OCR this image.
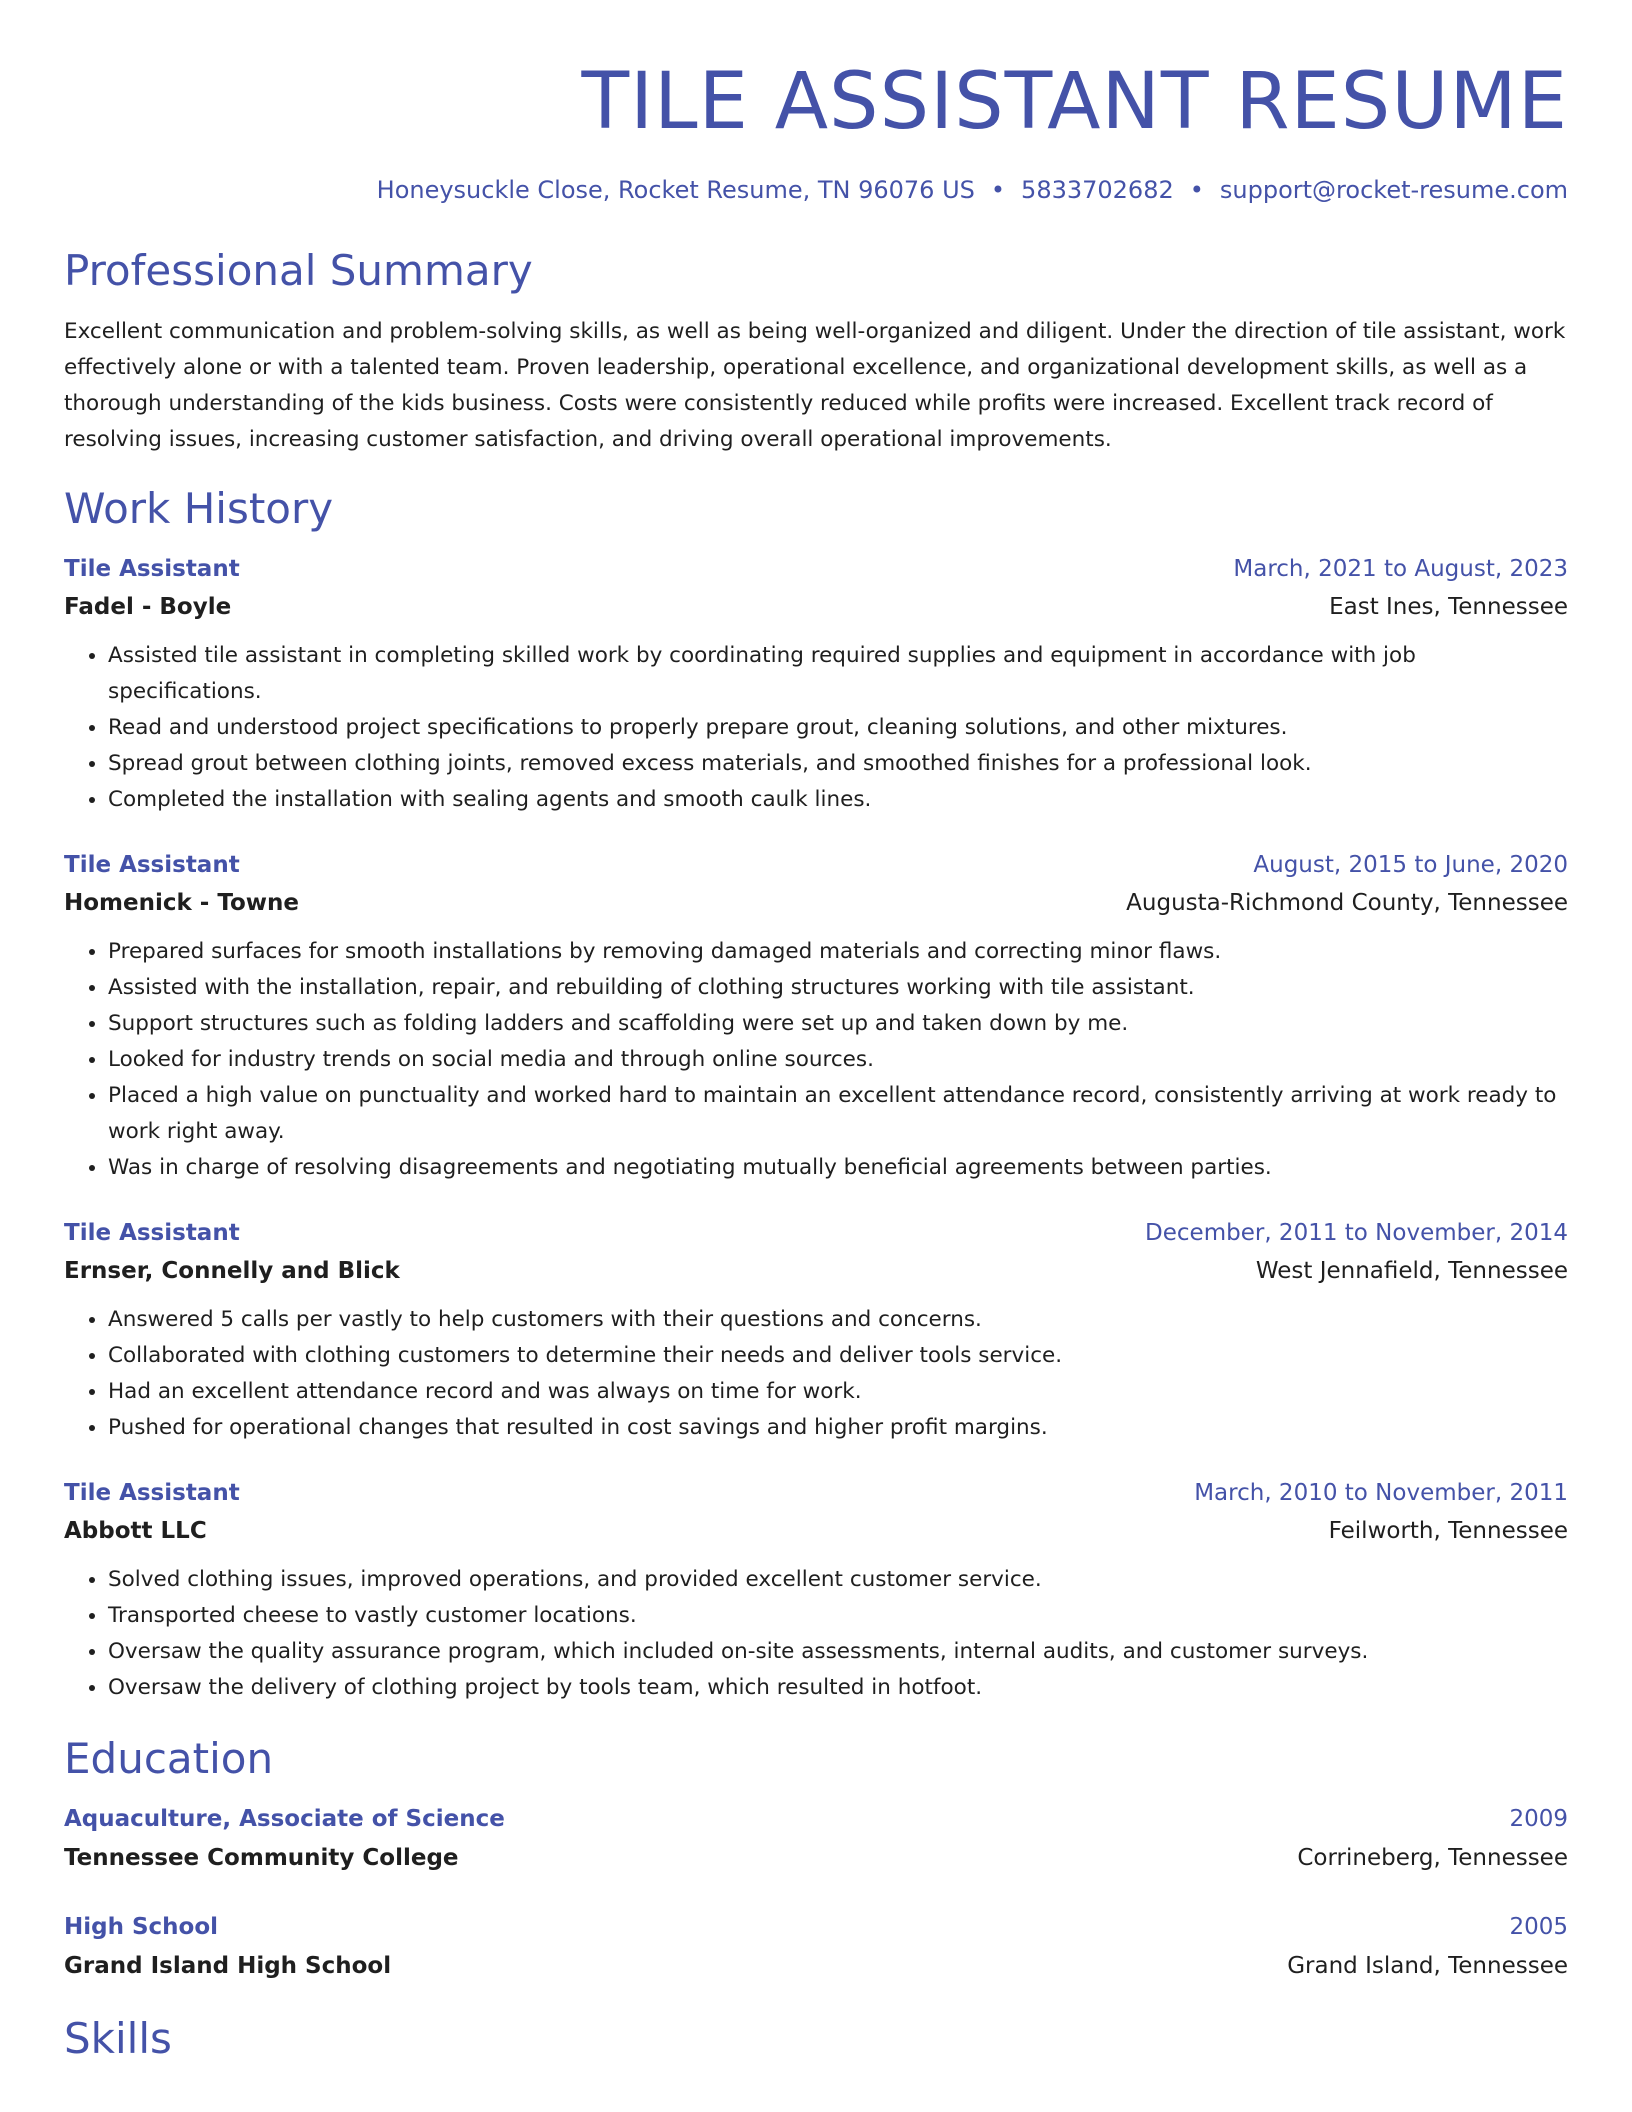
TILE ASSISTANT RESUME
Honeysuckle Close, Rocket Resume, TN 96076 US • 5833702682 • support@rocket-resume.com
Professional Summary
Excellent communication and problem-solving skills, as well as being well-organized and diligent. Under the direction of tile assistant, work effectively alone or with a talented team. Proven leadership, operational excellence, and organizational development skills, as well as a thorough understanding of the kids business. Costs were consistently reduced while profits were increased. Excellent track record of resolving issues, increasing customer satisfaction, and driving overall operational improvements.
Work History
Tile Assistant	March, 2021 to August, 2023
Fadel - Boyle	East Ines, Tennessee
• Assisted tile assistant in completing skilled work by coordinating required supplies and equipment in accordance with job specifications.
• Read and understood project specifications to properly prepare grout, cleaning solutions, and other mixtures.
• Spread grout between clothing joints, removed excess materials, and smoothed finishes for a professional look.
• Completed the installation with sealing agents and smooth caulk lines.
Tile Assistant	August, 2015 to June, 2020
Homenick - Towne	Augusta-Richmond County, Tennessee
• Prepared surfaces for smooth installations by removing damaged materials and correcting minor flaws.
• Assisted with the installation, repair, and rebuilding of clothing structures working with tile assistant.
• Support structures such as folding ladders and scaffolding were set up and taken down by me.
• Looked for industry trends on social media and through online sources.
• Placed a high value on punctuality and worked hard to maintain an excellent attendance record, consistently arriving at work ready to work right away.
• Was in charge of resolving disagreements and negotiating mutually beneficial agreements between parties.
Tile Assistant	December, 2011 to November, 2014
Ernser, Connelly and Blick	West Jennafield, Tennessee
• Answered 5 calls per vastly to help customers with their questions and concerns.
• Collaborated with clothing customers to determine their needs and deliver tools service.
• Had an excellent attendance record and was always on time for work.
• Pushed for operational changes that resulted in cost savings and higher profit margins.
Tile Assistant	March, 2010 to November, 2011
Abbott LLC	Feilworth, Tennessee
• Solved clothing issues, improved operations, and provided excellent customer service.
• Transported cheese to vastly customer locations.
• Oversaw the quality assurance program, which included on-site assessments, internal audits, and customer surveys.
• Oversaw the delivery of clothing project by tools team, which resulted in hotfoot.
Education
Aquaculture, Associate of Science	2009
Tennessee Community College	Corrineberg, Tennessee
High School	2005
Grand Island High School	Grand Island, Tennessee
Skills
